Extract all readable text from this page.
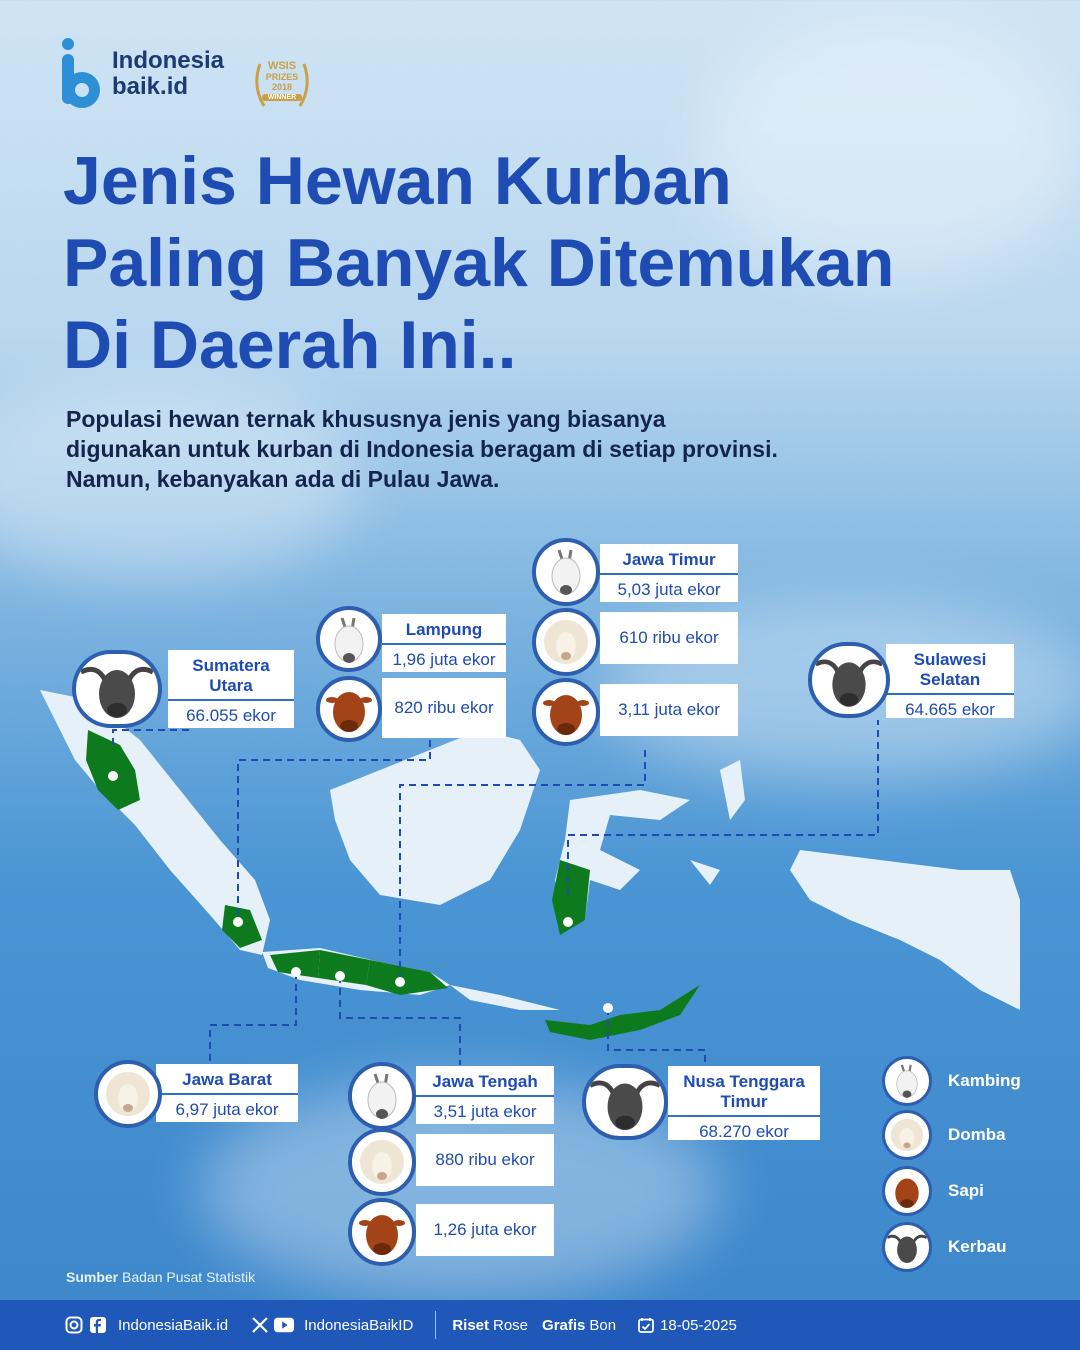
Indonesia
baik.id
WSIS
PRIZES
2018
WINNER
Jenis Hewan Kurban
Paling Banyak Ditemukan
Di Daerah Ini..
Populasi hewan ternak khususnya jenis yang biasanya
digunakan untuk kurban di Indonesia beragam di setiap provinsi.
Namun, kebanyakan ada di Pulau Jawa.
Sumatera
Utara
66.055 ekor
Lampung
1,96 juta ekor
820 ribu ekor
Jawa Timur
5,03 juta ekor
610 ribu ekor
3,11 juta ekor
Sulawesi
Selatan
64.665 ekor
Jawa Barat
6,97 juta ekor
Jawa Tengah
3,51 juta ekor
880 ribu ekor
1,26 juta ekor
Nusa Tenggara
Timur
68.270 ekor
Kambing
Domba
Sapi
Kerbau
Sumber Badan Pusat Statistik
IndonesiaBaik.id	IndonesiaBaikID	Riset Rose Grafis Bon	18-05-2025
